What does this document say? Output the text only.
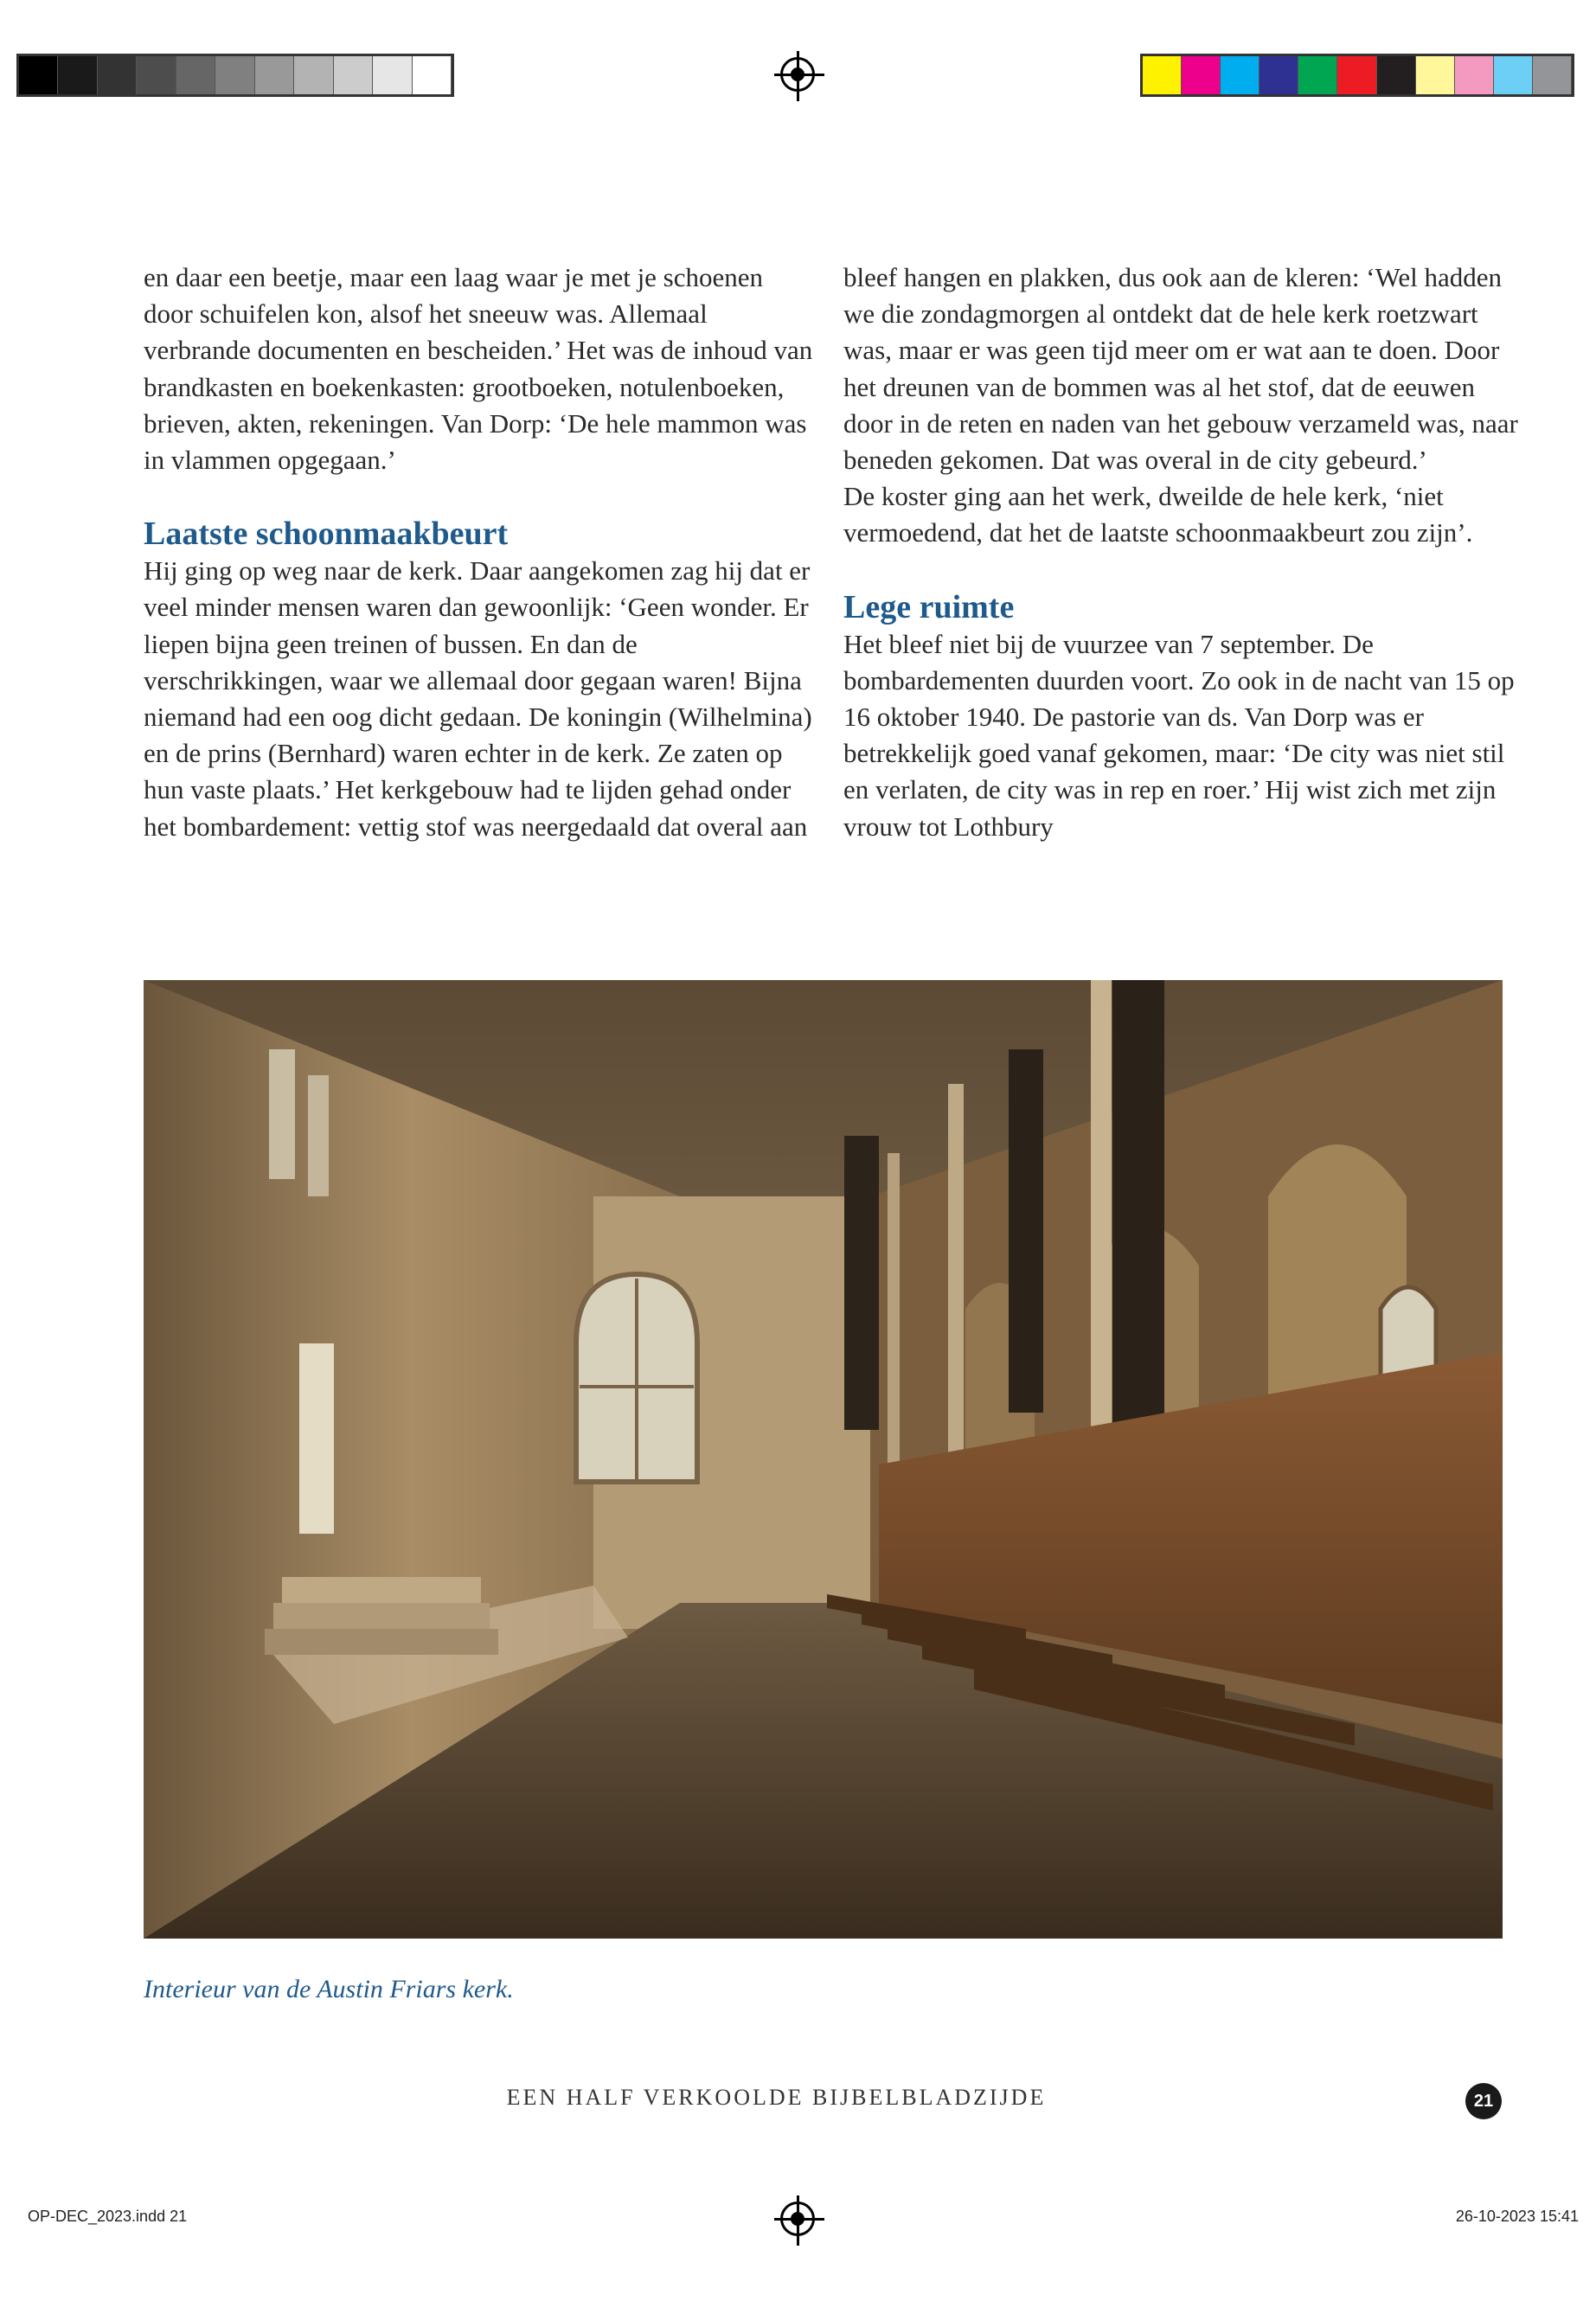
en daar een beetje, maar een laag waar je met je schoenen door schuifelen kon, alsof het sneeuw was. Allemaal verbrande documenten en bescheiden.’ Het was de inhoud van brandkasten en boekenkasten: grootboeken, notulenboeken, brieven, akten, rekeningen. Van Dorp: ‘De hele mammon was in vlammen opgegaan.’

Laatste schoonmaakbeurt

Hij ging op weg naar de kerk. Daar aangekomen zag hij dat er veel minder mensen waren dan gewoonlijk: ‘Geen wonder. Er liepen bijna geen treinen of bussen. En dan de verschrikkingen, waar we allemaal door gegaan waren! Bijna niemand had een oog dicht gedaan. De koningin (Wilhelmina) en de prins (Bernhard) waren echter in de kerk. Ze zaten op hun vaste plaats.’ Het kerkgebouw had te lijden gehad onder het bombardement: vettig stof was neergedaald dat overal aan

bleef hangen en plakken, dus ook aan de kleren: ‘Wel hadden we die zondagmorgen al ontdekt dat de hele kerk roetzwart was, maar er was geen tijd meer om er wat aan te doen. Door het dreunen van de bommen was al het stof, dat de eeuwen door in de reten en naden van het gebouw verzameld was, naar beneden gekomen. Dat was overal in de city gebeurd.’

De koster ging aan het werk, dweilde de hele kerk, ‘niet vermoedend, dat het de laatste schoonmaakbeurt zou zijn’.

Lege ruimte

Het bleef niet bij de vuurzee van 7 september. De bombardementen duurden voort. Zo ook in de nacht van 15 op 16 oktober 1940. De pastorie van ds. Van Dorp was er betrekkelijk goed vanaf gekomen, maar: ‘De city was niet stil en verlaten, de city was in rep en roer.’ Hij wist zich met zijn vrouw tot Lothbury

Interieur van de Austin Friars kerk.
EEN HALF VERKOOLDE BIJBELBLADZIJDE	21
OP-DEC_2023.indd 21	26-10-2023 15:41
